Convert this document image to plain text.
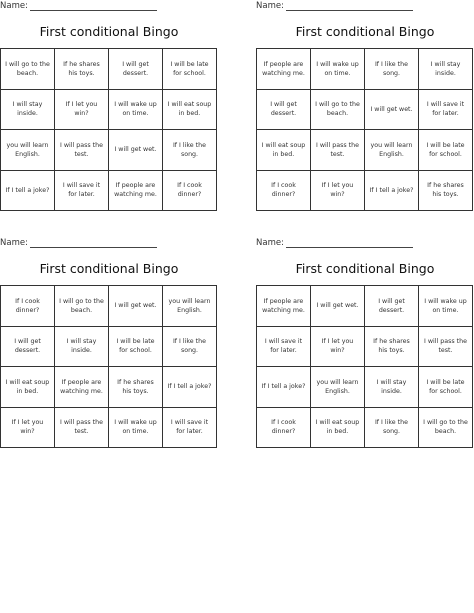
Name:
First conditional Bingo
I will go to the beach.
If he shares his toys.
I will get dessert.
I will be late for school.
I will stay inside.
If I let you win?
I will wake up on time.
I will eat soup in bed.
you will learn English.
I will pass the test.
I will get wet.
If I like the song.
If I tell a joke?
I will save it for later.
If people are watching me.
If I cook dinner?
Name:
First conditional Bingo
If people are watching me.
I will wake up on time.
If I like the song.
I will stay inside.
I will get dessert.
I will go to the beach.
I will get wet.
I will save it for later.
I will eat soup in bed.
I will pass the test.
you will learn English.
I will be late for school.
If I cook dinner?
If I let you win?
If I tell a joke?
If he shares his toys.
Name:
First conditional Bingo
If I cook dinner?
I will go to the beach.
I will get wet.
you will learn English.
I will get dessert.
I will stay inside.
I will be late for school.
If I like the song.
I will eat soup in bed.
If people are watching me.
If he shares his toys.
If I tell a joke?
If I let you win?
I will pass the test.
I will wake up on time.
I will save it for later.
Name:
First conditional Bingo
If people are watching me.
I will get wet.
I will get dessert.
I will wake up on time.
I will save it for later.
If I let you win?
If he shares his toys.
I will pass the test.
If I tell a joke?
you will learn English.
I will stay inside.
I will be late for school.
If I cook dinner?
I will eat soup in bed.
If I like the song.
I will go to the beach.
